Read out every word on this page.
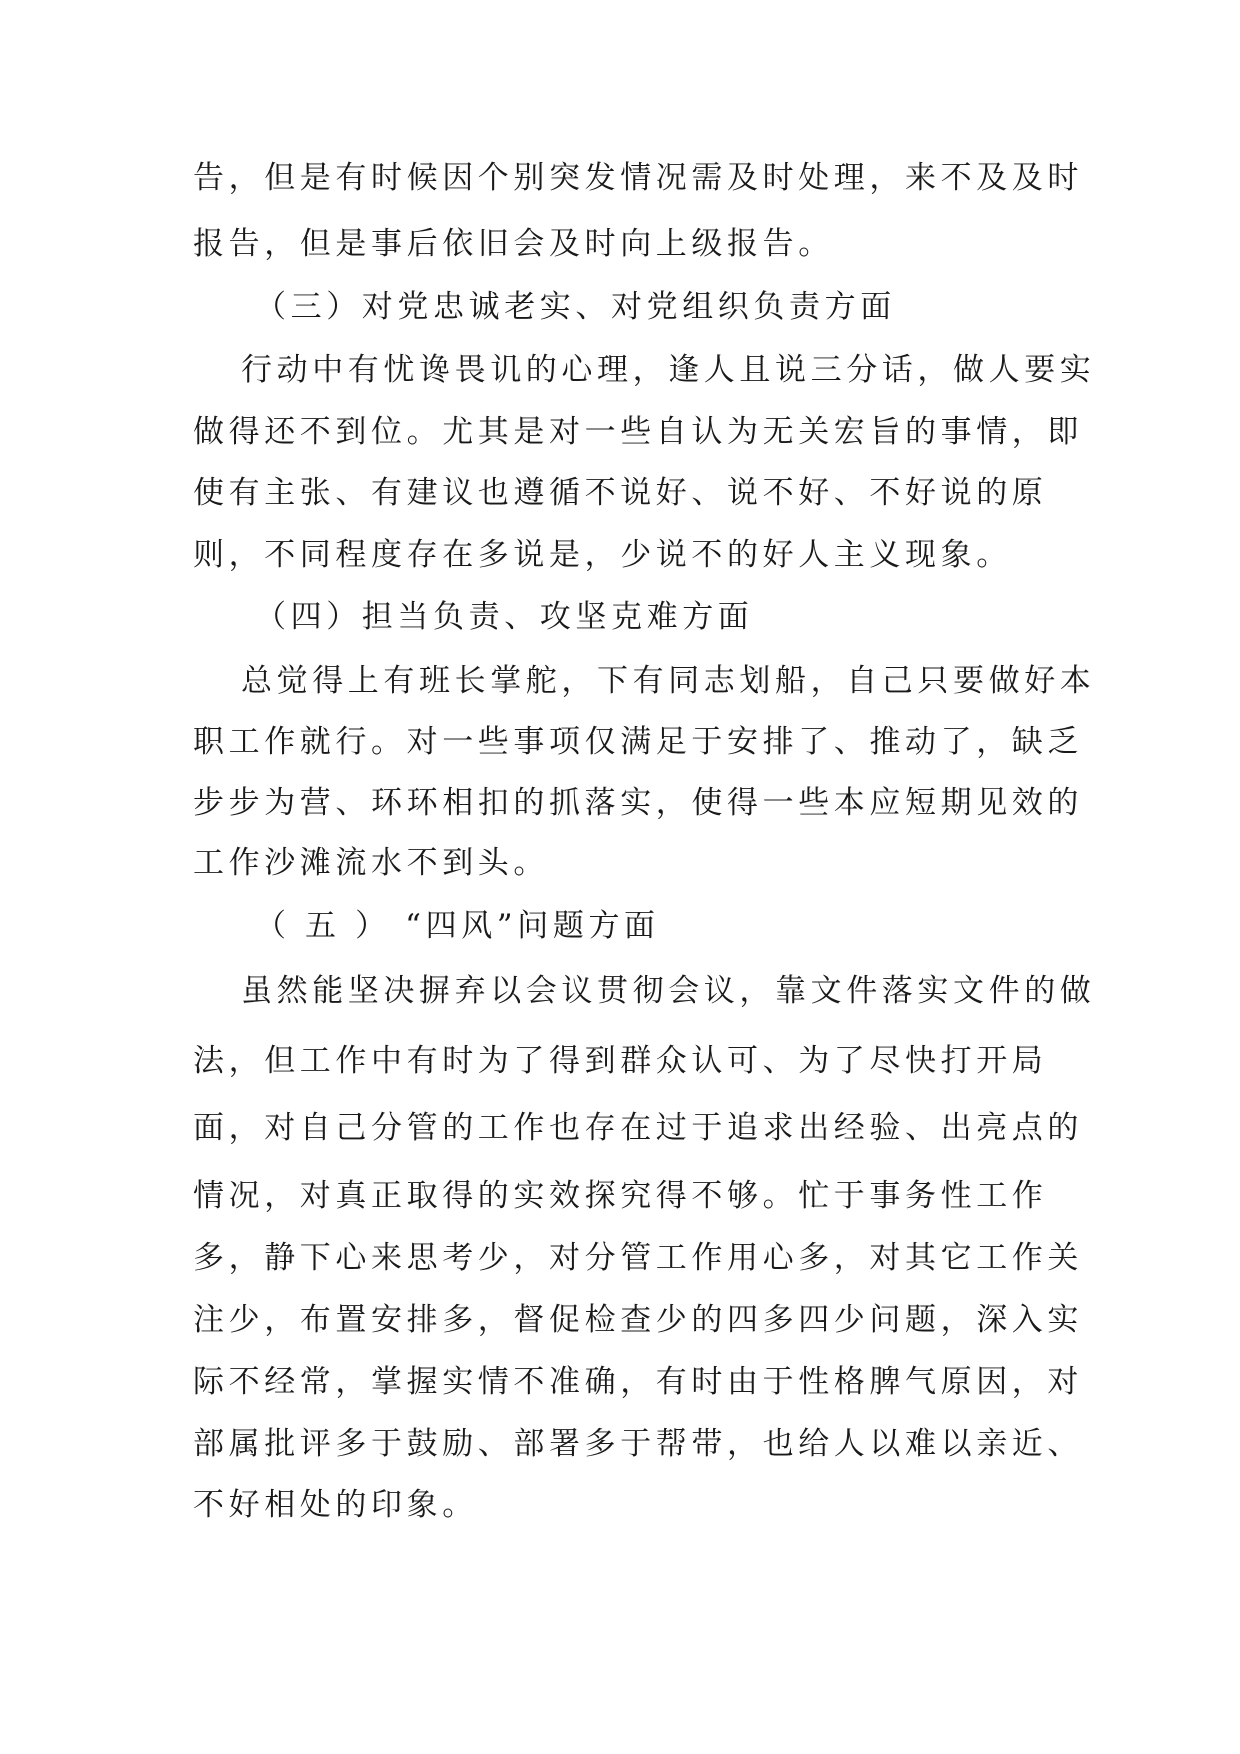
告，但是有时候因个别突发情况需及时处理，来不及及时
报告，但是事后依旧会及时向上级报告。
（三）对党忠诚老实、对党组织负责方面
行动中有忧谗畏讥的心理，逢人且说三分话，做人要实
做得还不到位。尤其是对一些自认为无关宏旨的事情，即
使有主张、有建议也遵循不说好、说不好、不好说的原
则，不同程度存在多说是，少说不的好人主义现象。
（四）担当负责、攻坚克难方面
总觉得上有班长掌舵，下有同志划船，自己只要做好本
职工作就行。对一些事项仅满足于安排了、推动了，缺乏
步步为营、环环相扣的抓落实，使得一些本应短期见效的
工作沙滩流水不到头。
（ 五 ） “四风”问题方面
虽然能坚决摒弃以会议贯彻会议，靠文件落实文件的做
法，但工作中有时为了得到群众认可、为了尽快打开局
面，对自己分管的工作也存在过于追求出经验、出亮点的
情况，对真正取得的实效探究得不够。忙于事务性工作
多，静下心来思考少，对分管工作用心多，对其它工作关
注少，布置安排多，督促检查少的四多四少问题，深入实
际不经常，掌握实情不准确，有时由于性格脾气原因，对
部属批评多于鼓励、部署多于帮带，也给人以难以亲近、
不好相处的印象。
